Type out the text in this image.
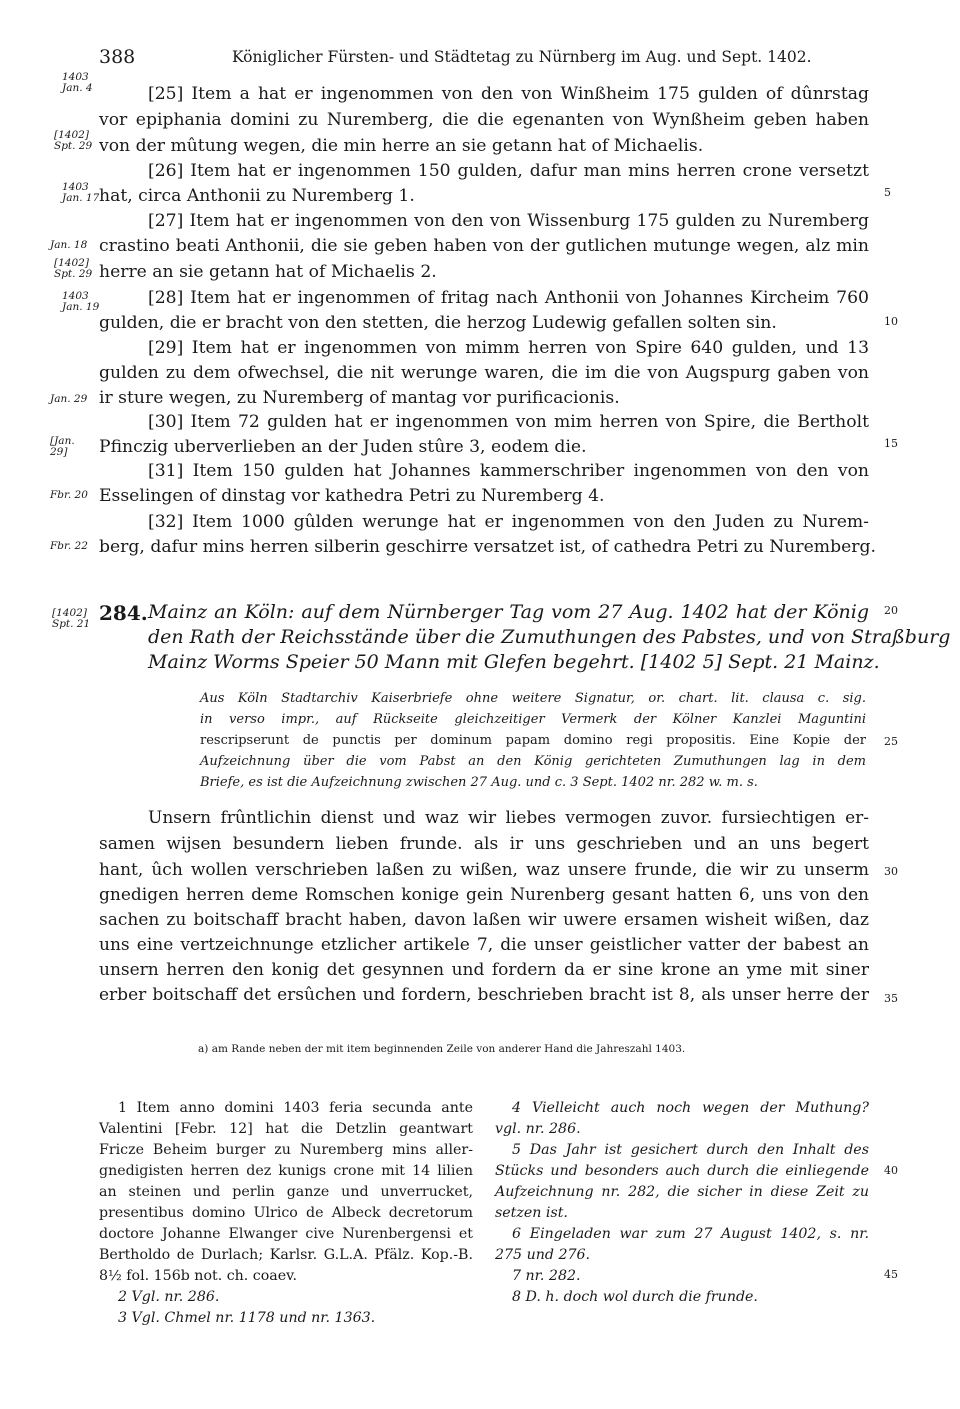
388	Königlicher Fürsten- und Städtetag zu Nürnberg im Aug. und Sept. 1402.
1403
Jan. 4
[1402]
Spt. 29
1403
Jan. 17
Jan. 18
[1402]
Spt. 29
1403
Jan. 19
Jan. 29
[Jan.
29]
Fbr. 20
Fbr. 22
[1402]
Spt. 21
5
10
15
20
25
30
35
40
45
[25] Item a hat er ingenommen von den von Winßheim 175 gulden of dûnrstag
vor epiphania domini zu Nuremberg, die die egenanten von Wynßheim geben haben
von der mûtung wegen, die min herre an sie getann hat of Michaelis.
[26] Item hat er ingenommen 150 gulden, dafur man mins herren crone versetzt
hat, circa Anthonii zu Nuremberg 1.
[27] Item hat er ingenommen von den von Wissenburg 175 gulden zu Nuremberg
crastino beati Anthonii, die sie geben haben von der gutlichen mutunge wegen, alz min
herre an sie getann hat of Michaelis 2.
[28] Item hat er ingenommen of fritag nach Anthonii von Johannes Kircheim 760
gulden, die er bracht von den stetten, die herzog Ludewig gefallen solten sin.
[29] Item hat er ingenommen von mimm herren von Spire 640 gulden, und 13
gulden zu dem ofwechsel, die nit werunge waren, die im die von Augspurg gaben von
ir sture wegen, zu Nuremberg of mantag vor purificacionis.
[30] Item 72 gulden hat er ingenommen von mim herren von Spire, die Bertholt
Pfinczig uberverlieben an der Juden stûre 3, eodem die.
[31] Item 150 gulden hat Johannes kammerschriber ingenommen von den von
Esselingen of dinstag vor kathedra Petri zu Nuremberg 4.
[32] Item 1000 gûlden werunge hat er ingenommen von den Juden zu Nurem-
berg, dafur mins herren silberin geschirre versatzet ist, of cathedra Petri zu Nuremberg.
284. Mainz an Köln: auf dem Nürnberger Tag vom 27 Aug. 1402 hat der König
den Rath der Reichsstände über die Zumuthungen des Pabstes, und von Straßburg
Mainz Worms Speier 50 Mann mit Glefen begehrt. [1402 5] Sept. 21 Mainz.
Aus Köln Stadtarchiv Kaiserbriefe ohne weitere Signatur, or. chart. lit. clausa c. sig.
in verso impr., auf Rückseite gleichzeitiger Vermerk der Kölner Kanzlei Maguntini
rescripserunt de punctis per dominum papam domino regi propositis. Eine Kopie der
Aufzeichnung über die vom Pabst an den König gerichteten Zumuthungen lag in dem
Briefe, es ist die Aufzeichnung zwischen 27 Aug. und c. 3 Sept. 1402 nr. 282 w. m. s.
Unsern frûntlichin dienst und waz wir liebes vermogen zuvor. fursiechtigen er-
samen wijsen besundern lieben frunde. als ir uns geschrieben und an uns begert
hant, ûch wollen verschrieben laßen zu wißen, waz unsere frunde, die wir zu unserm
gnedigen herren deme Romschen konige gein Nurenberg gesant hatten 6, uns von den
sachen zu boitschaff bracht haben, davon laßen wir uwere ersamen wisheit wißen, daz
uns eine vertzeichnunge etzlicher artikele 7, die unser geistlicher vatter der babest an
unsern herren den konig det gesynnen und fordern da er sine krone an yme mit siner
erber boitschaff det ersûchen und fordern, beschrieben bracht ist 8, als unser herre der
a) am Rande neben der mit item beginnenden Zeile von anderer Hand die Jahreszahl 1403.
1 Item anno domini 1403 feria secunda ante
Valentini [Febr. 12] hat die Detzlin geantwart
Fricze Beheim burger zu Nuremberg mins aller-
gnedigisten herren dez kunigs crone mit 14 lilien
an steinen und perlin ganze und unverrucket,
presentibus domino Ulrico de Albeck decretorum
doctore Johanne Elwanger cive Nurenbergensi et
Bertholdo de Durlach; Karlsr. G.L.A. Pfälz. Kop.-B.
8½ fol. 156b not. ch. coaev.
2 Vgl. nr. 286.
3 Vgl. Chmel nr. 1178 und nr. 1363.
4 Vielleicht auch noch wegen der Muthung?
vgl. nr. 286.
5 Das Jahr ist gesichert durch den Inhalt des
Stücks und besonders auch durch die einliegende
Aufzeichnung nr. 282, die sicher in diese Zeit zu
setzen ist.
6 Eingeladen war zum 27 August 1402, s. nr.
275 und 276.
7 nr. 282.
8 D. h. doch wol durch die frunde.
